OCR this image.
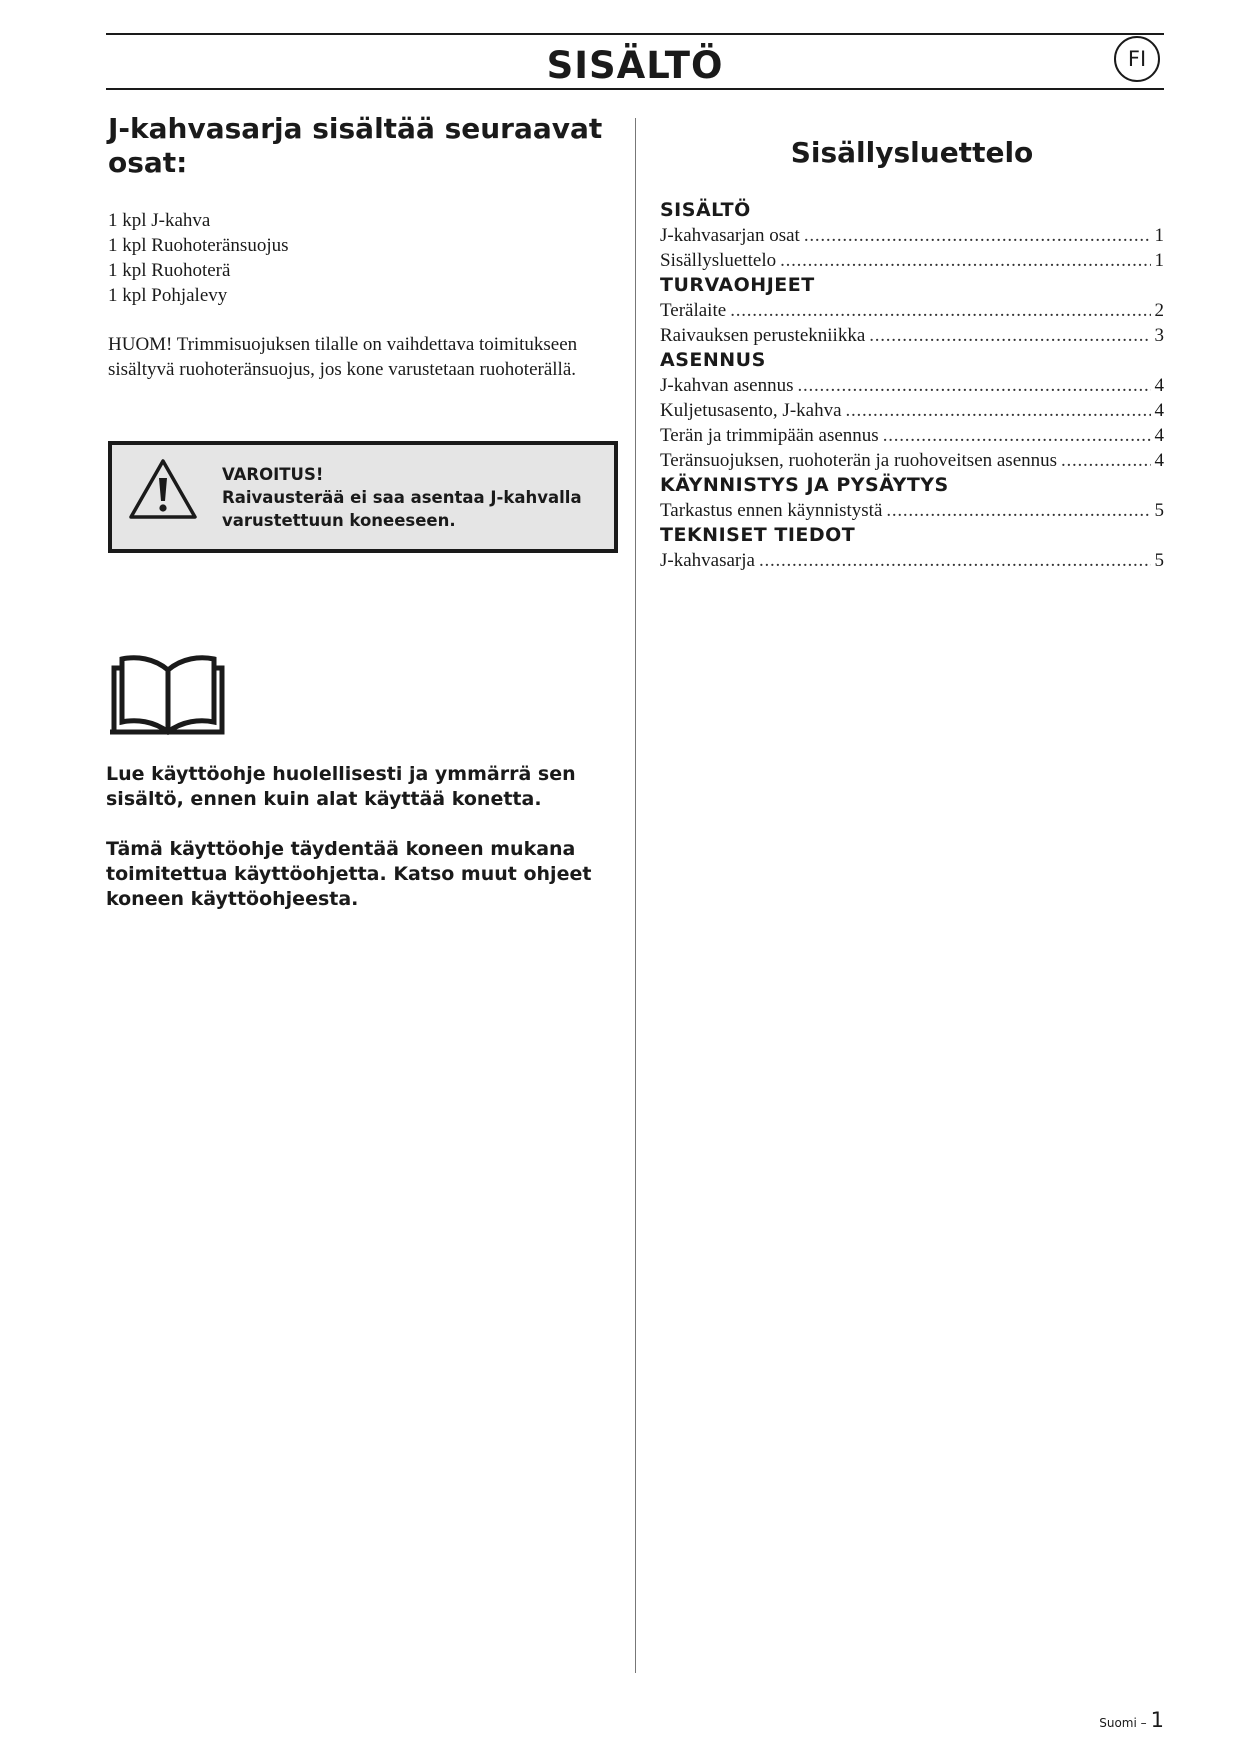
SISÄLTÖ	FI
J-kahvasarja sisältää seuraavat osat:
1 kpl J-kahva
1 kpl Ruohoteränsuojus
1 kpl Ruohoterä
1 kpl Pohjalevy
HUOM! Trimmisuojuksen tilalle on vaihdettava toimitukseen sisältyvä ruohoteränsuojus, jos kone varustetaan ruohoterällä.
VAROITUS!
Raivausterää ei saa asentaa J-kahvalla varustettuun koneeseen.
Lue käyttöohje huolellisesti ja ymmärrä sen sisältö, ennen kuin alat käyttää konetta.
Tämä käyttöohje täydentää koneen mukana toimitettua käyttöohjetta. Katso muut ohjeet koneen käyttöohjeesta.
Sisällysluettelo
SISÄLTÖ
J-kahvasarjan osat . . .	1
Sisällysluettelo . . .	1
TURVAOHJEET
Terälaite . . .	2
Raivauksen perustekniikka . . .	3
ASENNUS
J-kahvan asennus . . .	4
Kuljetusasento, J-kahva . . .	4
Terän ja trimmipään asennus . . .	4
Teränsuojuksen, ruohoterän ja ruohoveitsen asennus . . .	4
KÄYNNISTYS JA PYSÄYTYS
Tarkastus ennen käynnistystä . . .	5
TEKNISET TIEDOT
J-kahvasarja . . .	5
Suomi – 1
